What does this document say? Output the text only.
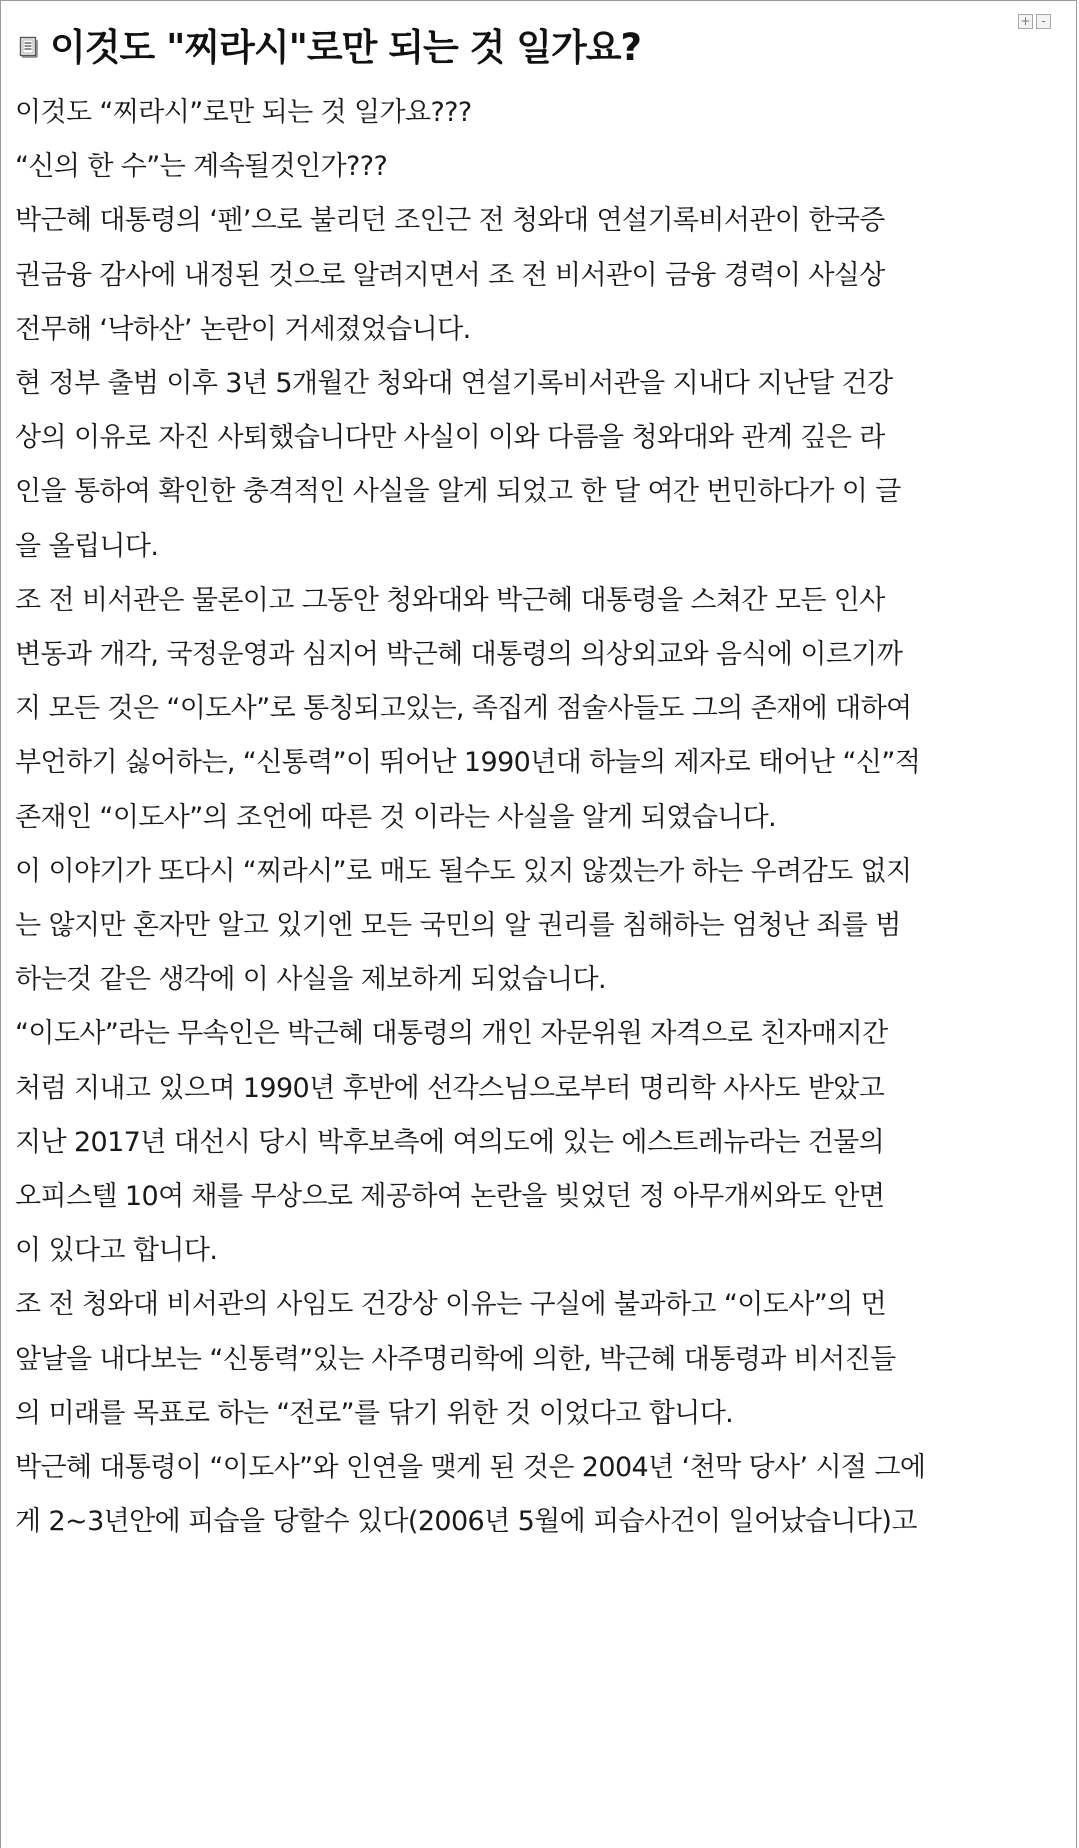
+ -
이것도 "찌라시"로만 되는 것 일가요?

이것도 “찌라시”로만 되는 것 일가요???

“신의 한 수”는 계속될것인가???

박근혜 대통령의 ‘펜’으로 불리던 조인근 전 청와대 연설기록비서관이 한국증
권금융 감사에 내정된 것으로 알려지면서 조 전 비서관이 금융 경력이 사실상
전무해 ‘낙하산’ 논란이 거세졌었습니다.

현 정부 출범 이후 3년 5개월간 청와대 연설기록비서관을 지내다 지난달 건강
상의 이유로 자진 사퇴했습니다만 사실이 이와 다름을 청와대와 관계 깊은 라
인을 통하여 확인한 충격적인 사실을 알게 되었고 한 달 여간 번민하다가 이 글
을 올립니다.

조 전 비서관은 물론이고 그동안 청와대와 박근혜 대통령을 스쳐간 모든 인사
변동과 개각, 국정운영과 심지어 박근혜 대통령의 의상외교와 음식에 이르기까
지 모든 것은 “이도사”로 통칭되고있는, 족집게 점술사들도 그의 존재에 대하여
부언하기 싫어하는, “신통력”이 뛰어난 1990년대 하늘의 제자로 태어난 “신”적
존재인 “이도사”의 조언에 따른 것 이라는 사실을 알게 되였습니다.

이 이야기가 또다시 “찌라시”로 매도 될수도 있지 않겠는가 하는 우려감도 없지
는 않지만 혼자만 알고 있기엔 모든 국민의 알 권리를 침해하는 엄청난 죄를 범
하는것 같은 생각에 이 사실을 제보하게 되었습니다.

“이도사”라는 무속인은 박근혜 대통령의 개인 자문위원 자격으로 친자매지간
처럼 지내고 있으며 1990년 후반에 선각스님으로부터 명리학 사사도 받았고
지난 2017년 대선시 당시 박후보측에 여의도에 있는 에스트레뉴라는 건물의
오피스텔 10여 채를 무상으로 제공하여 논란을 빚었던 정 아무개씨와도 안면
이 있다고 합니다.

조 전 청와대 비서관의 사임도 건강상 이유는 구실에 불과하고 “이도사”의 먼
앞날을 내다보는 “신통력”있는 사주명리학에 의한, 박근혜 대통령과 비서진들
의 미래를 목표로 하는 “전로”를 닦기 위한 것 이었다고 합니다.

박근혜 대통령이 “이도사”와 인연을 맺게 된 것은 2004년 ‘천막 당사’ 시절 그에
게 2~3년안에 피습을 당할수 있다(2006년 5월에 피습사건이 일어났습니다)고
